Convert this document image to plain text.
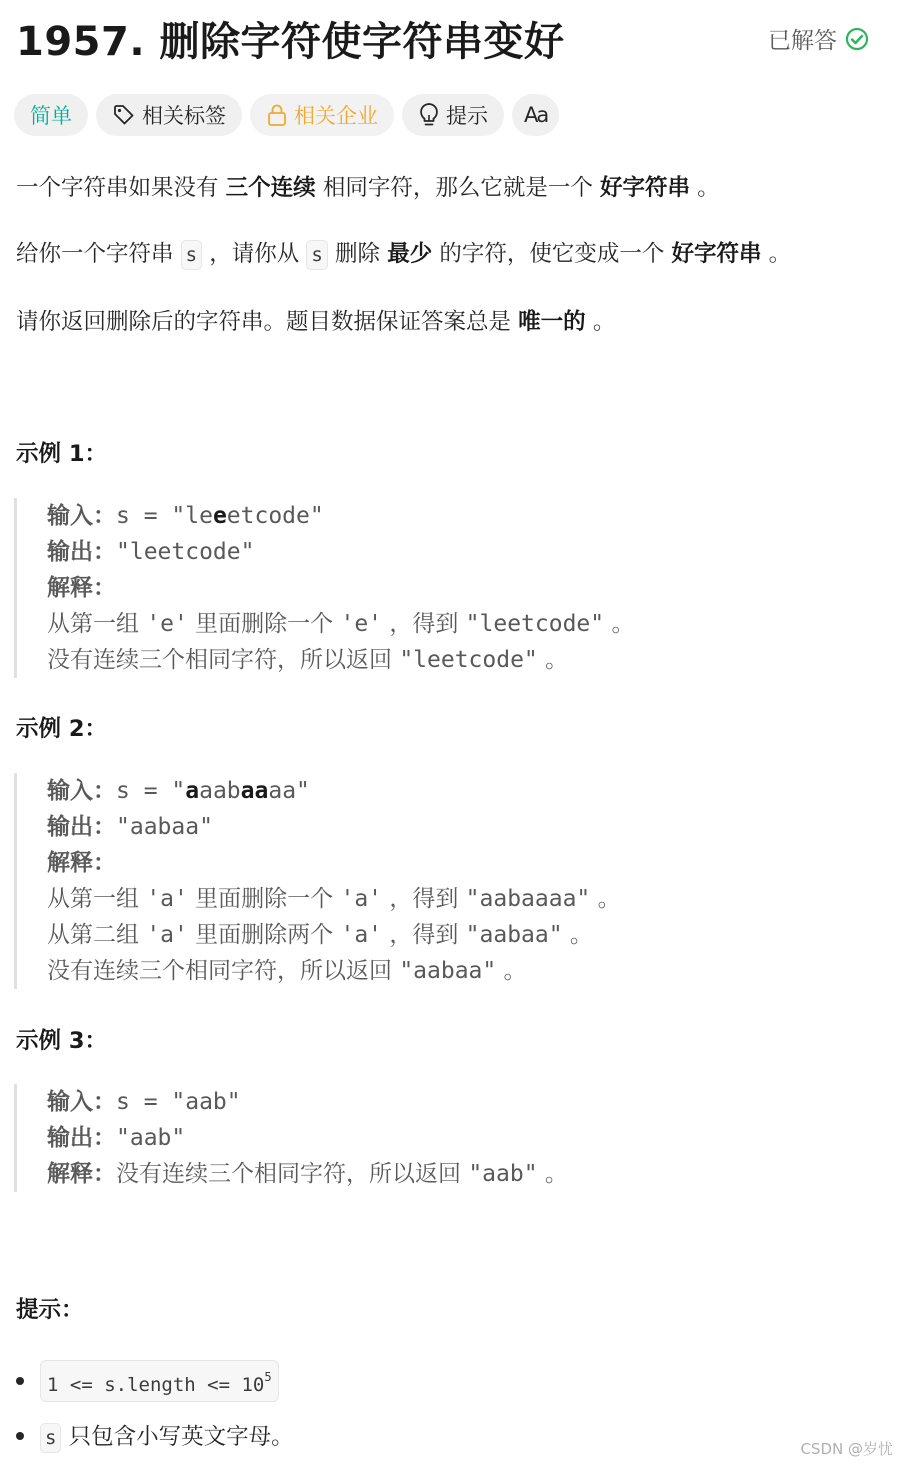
1957. 删除字符使字符串变好	已解答
简单	相关标签	相关企业	提示 Aa
一个字符串如果没有 三个连续 相同字符，那么它就是一个 好字符串 。
给你一个字符串 s ，请你从 s 删除 最少 的字符，使它变成一个 好字符串 。
请你返回删除后的字符串。题目数据保证答案总是 唯一的 。
示例 1：
输入：s = "leeetcode"
输出："leetcode"
解释：
从第一组 'e' 里面删除一个 'e' ，得到 "leetcode" 。
没有连续三个相同字符，所以返回 "leetcode" 。
示例 2：
输入：s = "aaabaaaa"
输出："aabaa"
解释：
从第一组 'a' 里面删除一个 'a' ，得到 "aabaaaa" 。
从第二组 'a' 里面删除两个 'a' ，得到 "aabaa" 。
没有连续三个相同字符，所以返回 "aabaa" 。
示例 3：
输入：s = "aab"
输出："aab"
解释：没有连续三个相同字符，所以返回 "aab" 。
提示：
1 <= s.length <= $10^5$
s 只包含小写英文字母。	CSDN @岁忧
